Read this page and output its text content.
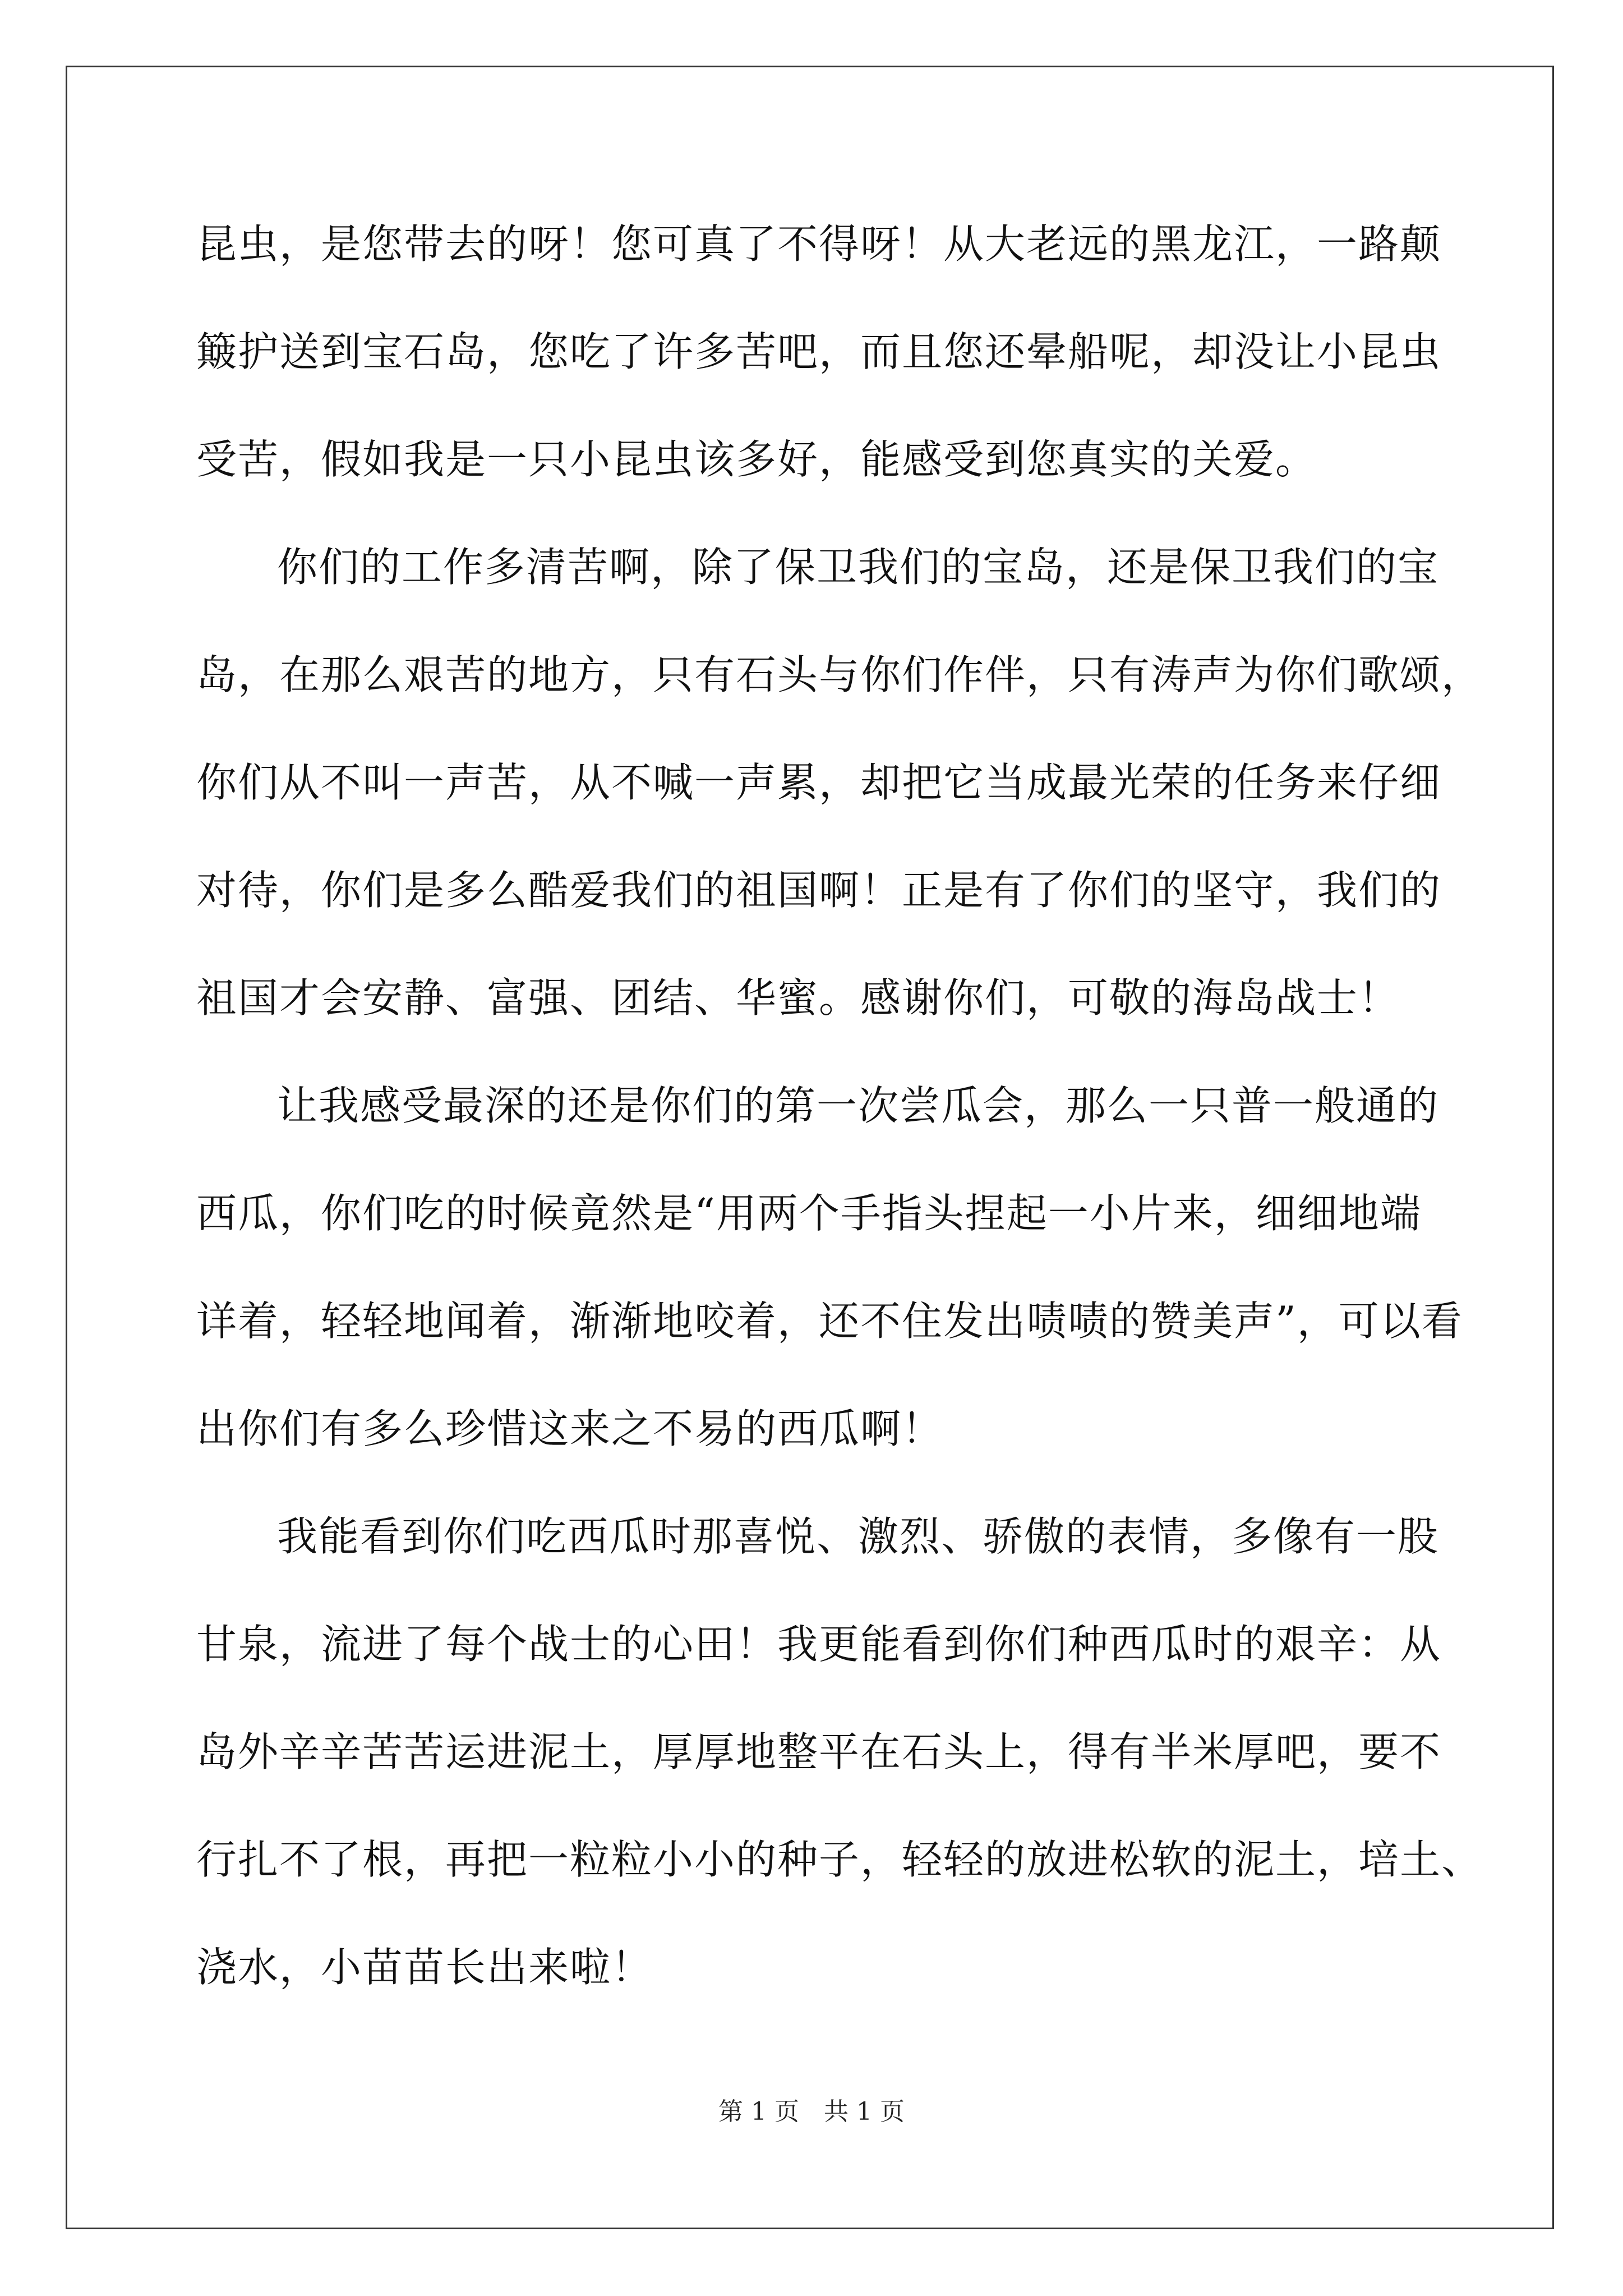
昆虫，是您带去的呀！您可真了不得呀！从大老远的黑龙江，一路颠
簸护送到宝石岛，您吃了许多苦吧，而且您还晕船呢，却没让小昆虫
受苦，假如我是一只小昆虫该多好，能感受到您真实的关爱。
你们的工作多清苦啊，除了保卫我们的宝岛，还是保卫我们的宝
岛，在那么艰苦的地方，只有石头与你们作伴，只有涛声为你们歌颂，
你们从不叫一声苦，从不喊一声累，却把它当成最光荣的任务来仔细
对待，你们是多么酷爱我们的祖国啊！正是有了你们的坚守，我们的
祖国才会安静、富强、团结、华蜜。感谢你们，可敬的海岛战士！
让我感受最深的还是你们的第一次尝瓜会，那么一只普一般通的
西瓜，你们吃的时候竟然是“用两个手指头捏起一小片来，细细地端
详着，轻轻地闻着，渐渐地咬着，还不住发出啧啧的赞美声”，可以看
出你们有多么珍惜这来之不易的西瓜啊！
我能看到你们吃西瓜时那喜悦、激烈、骄傲的表情，多像有一股
甘泉，流进了每个战士的心田！我更能看到你们种西瓜时的艰辛：从
岛外辛辛苦苦运进泥土，厚厚地整平在石头上，得有半米厚吧，要不
行扎不了根，再把一粒粒小小的种子，轻轻的放进松软的泥土，培土、
浇水，小苗苗长出来啦！
第 1 页　共 1 页
